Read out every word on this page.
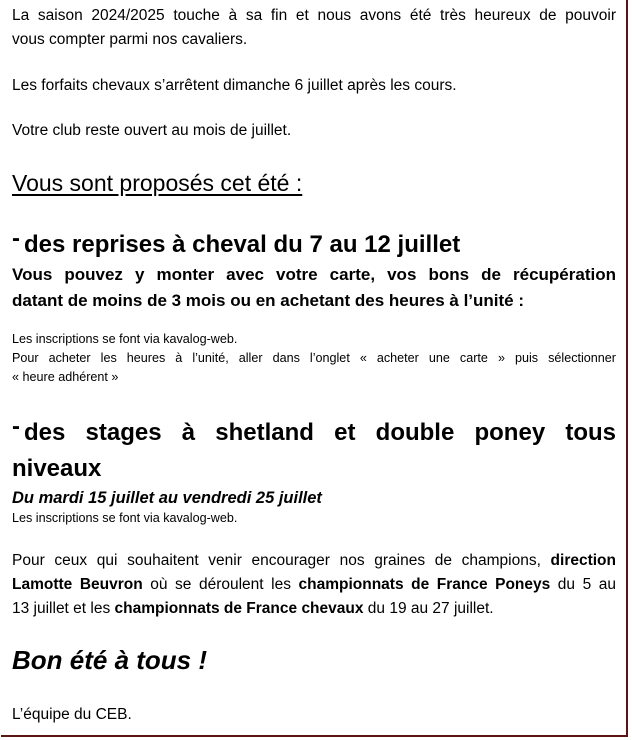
La saison 2024/2025 touche à sa fin et nous avons été très heureux de pouvoir
vous compter parmi nos cavaliers.
Les forfaits chevaux s’arrêtent dimanche 6 juillet après les cours.
Votre club reste ouvert au mois de juillet.
Vous sont proposés cet été :
- des reprises à cheval du 7 au 12 juillet
Vous pouvez y monter avec votre carte, vos bons de récupération
datant de moins de 3 mois ou en achetant des heures à l’unité :
Les inscriptions se font via kavalog-web.
Pour acheter les heures à l’unité, aller dans l’onglet « acheter une carte » puis sélectionner
« heure adhérent »
- des stages à shetland et double poney tous
niveaux
Du mardi 15 juillet au vendredi 25 juillet
Les inscriptions se font via kavalog-web.
Pour ceux qui souhaitent venir encourager nos graines de champions, direction
Lamotte Beuvron où se déroulent les championnats de France Poneys du 5 au
13 juillet et les championnats de France chevaux du 19 au 27 juillet.
Bon été à tous !
L’équipe du CEB.
